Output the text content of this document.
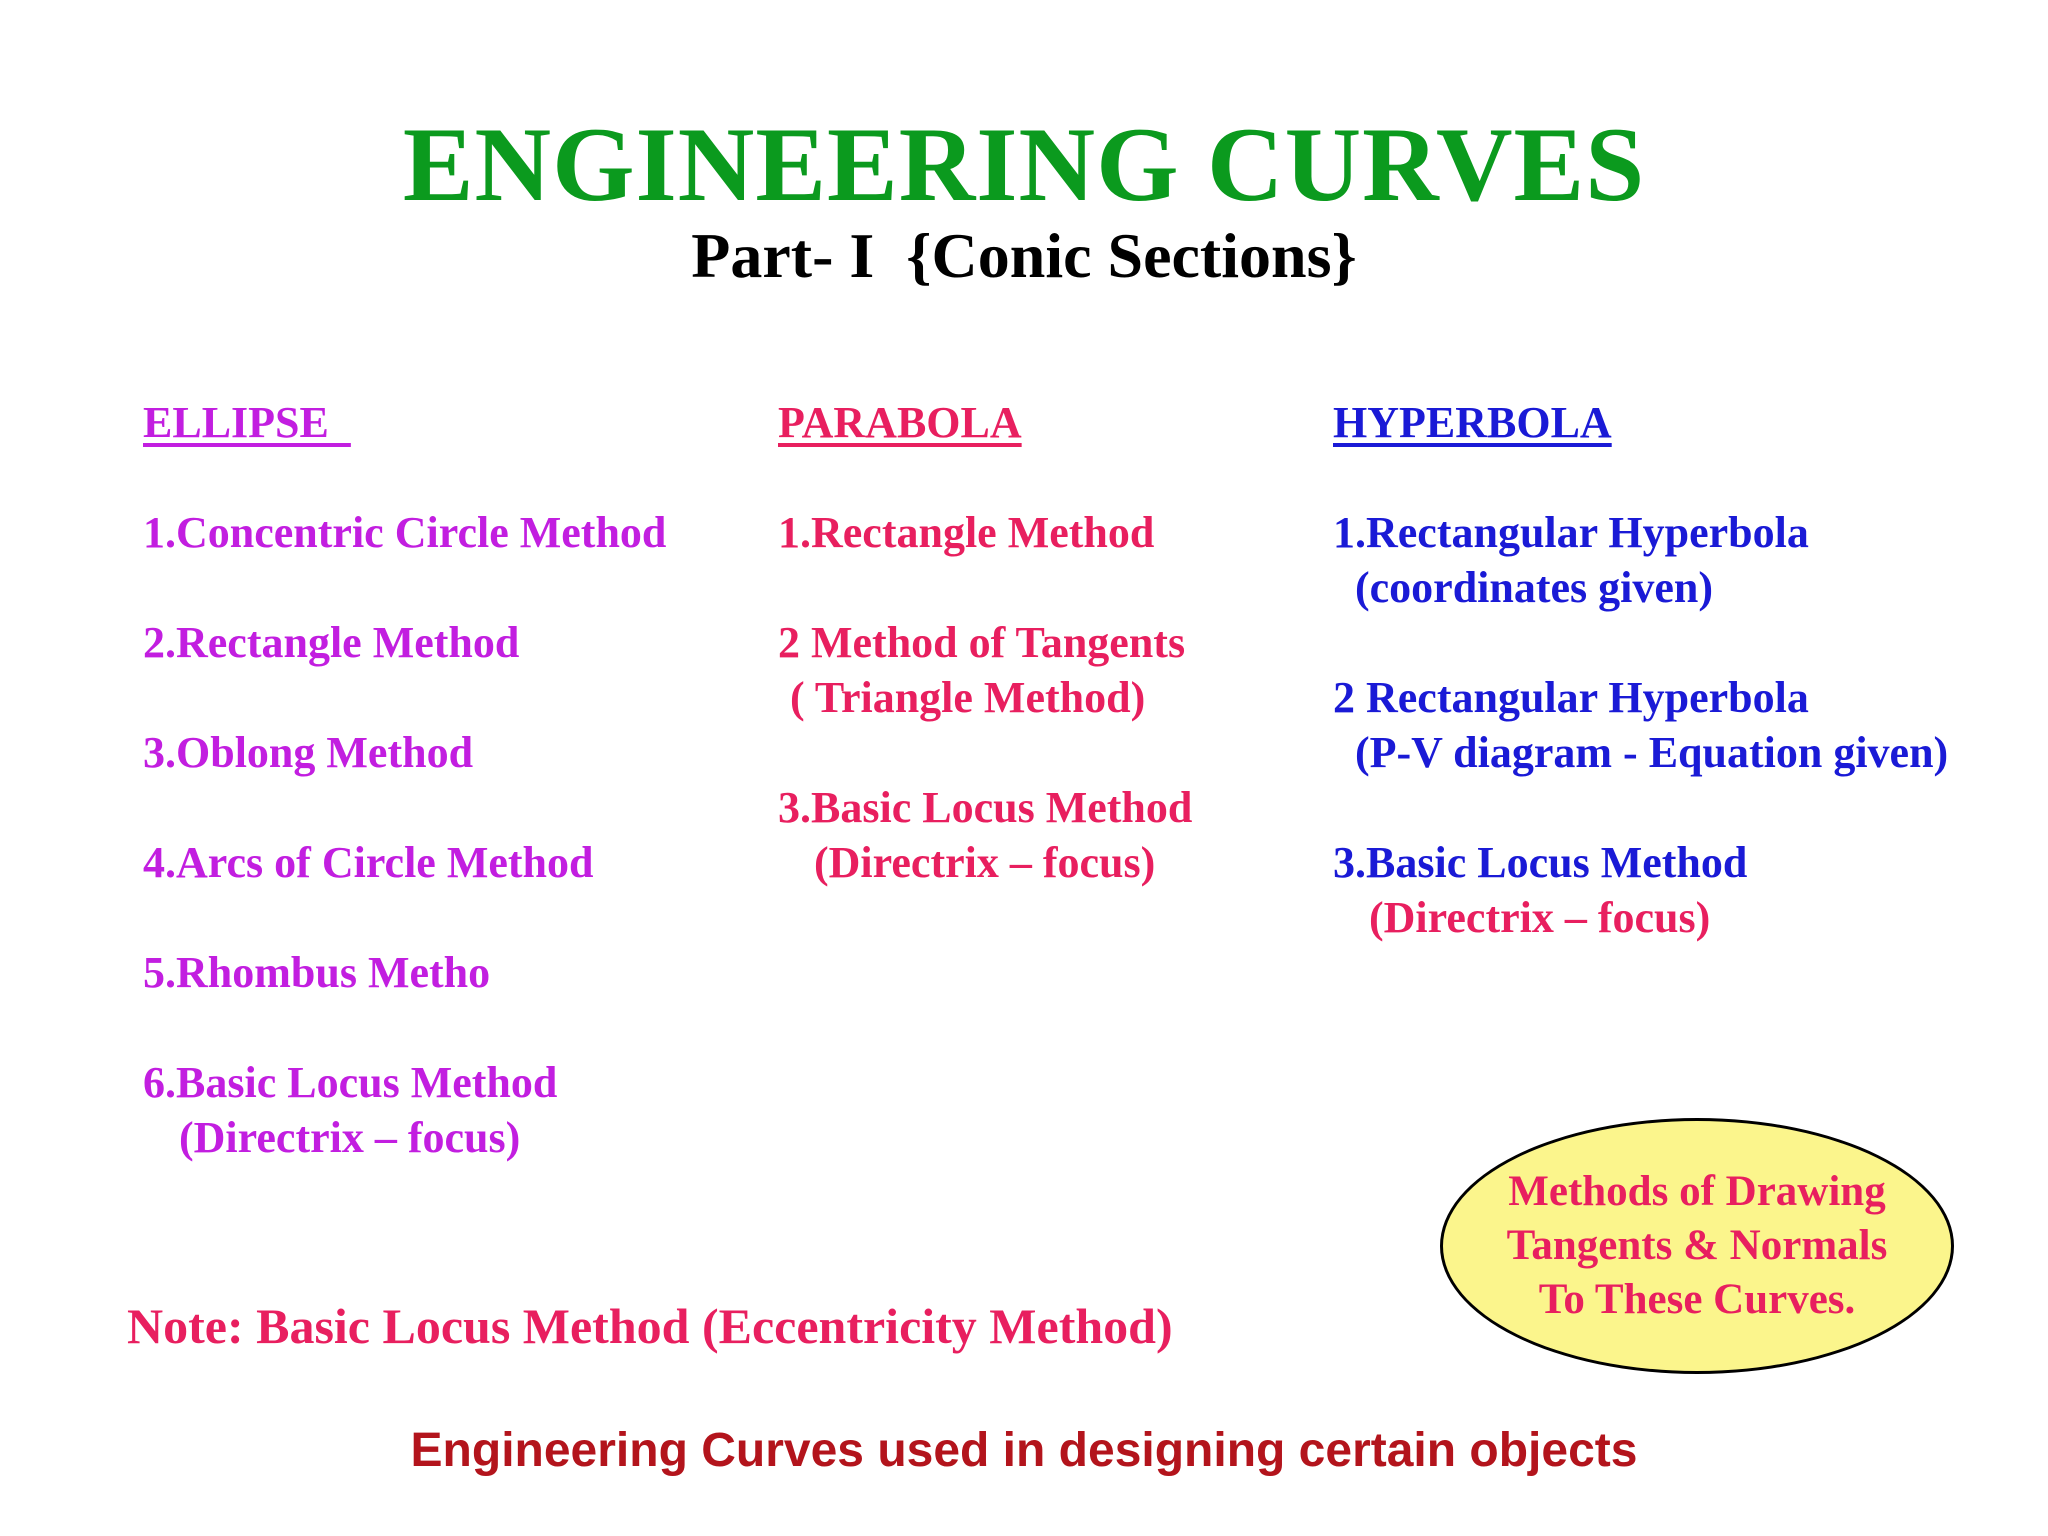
ENGINEERING CURVES
Part- I  {Conic Sections}
ELLIPSE
1.Concentric Circle Method
2.Rectangle Method
3.Oblong Method
4.Arcs of Circle Method
5.Rhombus Metho
6.Basic Locus Method
(Directrix – focus)
PARABOLA
1.Rectangle Method
2 Method of Tangents
( Triangle Method)
3.Basic Locus Method
(Directrix – focus)
HYPERBOLA
1.Rectangular Hyperbola
(coordinates given)
2 Rectangular Hyperbola
(P-V diagram - Equation given)
3.Basic Locus Method
(Directrix – focus)
Methods of Drawing
Tangents & Normals
To These Curves.
Note: Basic Locus Method (Eccentricity Method)
Engineering Curves used in designing certain objects
